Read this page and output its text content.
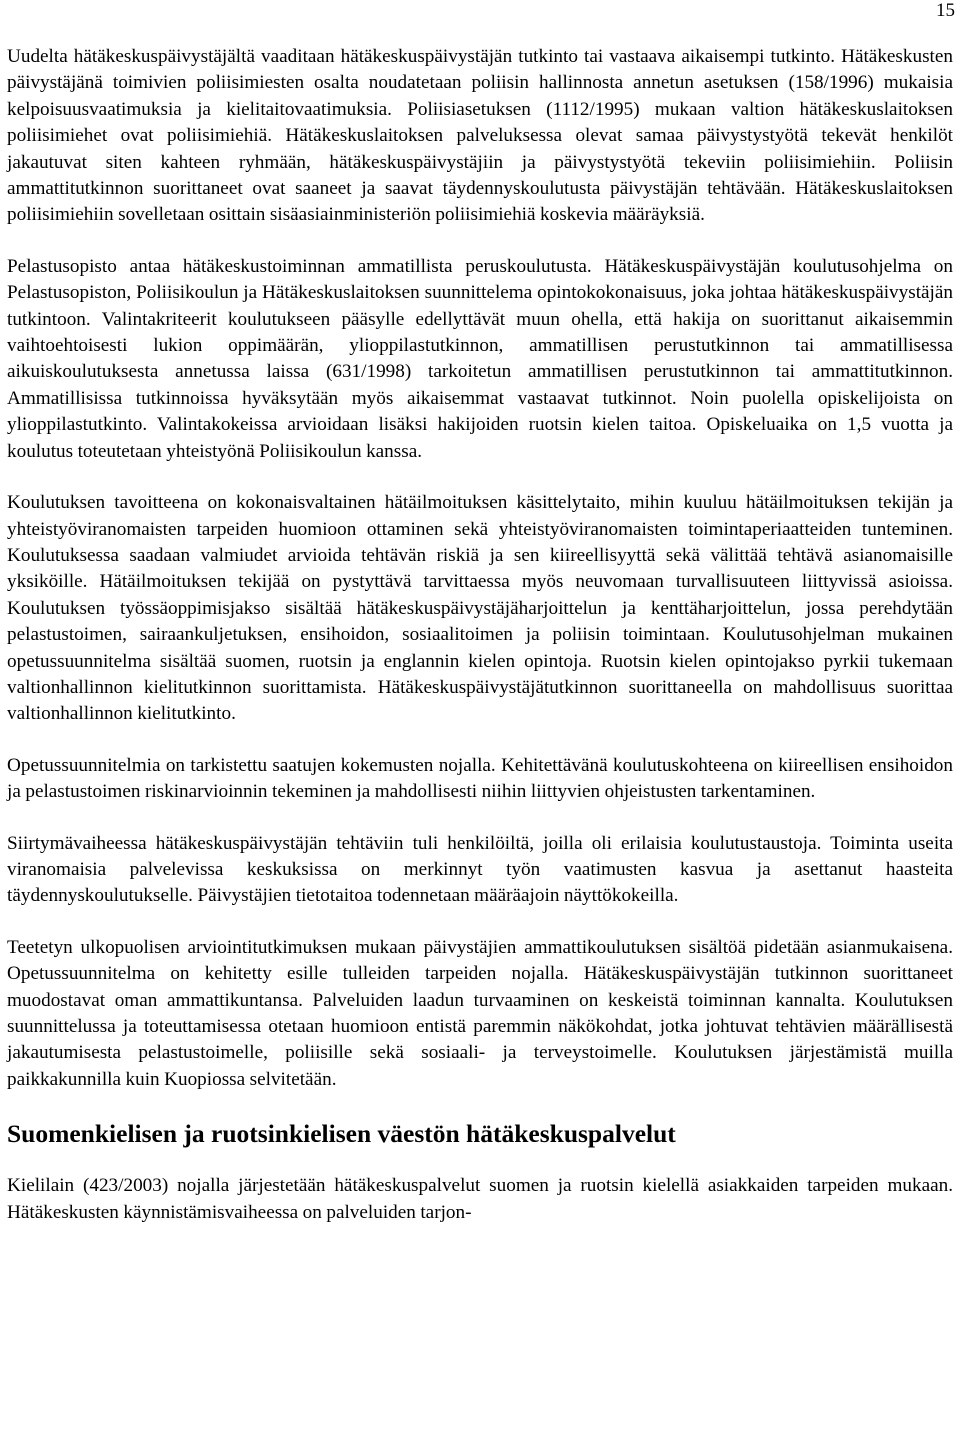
15

Uudelta hätäkeskuspäivystäjältä vaaditaan hätäkeskuspäivystäjän tutkinto tai vastaava aikaisempi tutkinto. Hätäkeskusten päivystäjänä toimivien poliisimiesten osalta noudatetaan poliisin hallinnosta annetun asetuksen (158/1996) mukaisia kelpoisuusvaatimuksia ja kielitaitovaatimuksia. Poliisiasetuksen (1112/1995) mukaan valtion hätäkeskuslaitoksen poliisimiehet ovat poliisimiehiä. Hätäkeskuslaitoksen palveluksessa olevat samaa päivystystyötä tekevät henkilöt jakautuvat siten kahteen ryhmään, hätäkeskuspäivystäjiin ja päivystystyötä tekeviin poliisimiehiin. Poliisin ammattitutkinnon suorittaneet ovat saaneet ja saavat täydennyskoulutusta päivystäjän tehtävään. Hätäkeskuslaitoksen poliisimiehiin sovelletaan osittain sisäasiainministeriön poliisimiehiä koskevia määräyksiä.

Pelastusopisto antaa hätäkeskustoiminnan ammatillista peruskoulutusta. Hätäkeskuspäivystäjän koulutusohjelma on Pelastusopiston, Poliisikoulun ja Hätäkeskuslaitoksen suunnittelema opintokokonaisuus, joka johtaa hätäkeskuspäivystäjän tutkintoon. Valintakriteerit koulutukseen pääsylle edellyttävät muun ohella, että hakija on suorittanut aikaisemmin vaihtoehtoisesti lukion oppimäärän, ylioppilastutkinnon, ammatillisen perustutkinnon tai ammatillisessa aikuiskoulutuksesta annetussa laissa (631/1998) tarkoitetun ammatillisen perustutkinnon tai ammattitutkinnon. Ammatillisissa tutkinnoissa hyväksytään myös aikaisemmat vastaavat tutkinnot. Noin puolella opiskelijoista on ylioppilastutkinto. Valintakokeissa arvioidaan lisäksi hakijoiden ruotsin kielen taitoa. Opiskeluaika on 1,5 vuotta ja koulutus toteutetaan yhteistyönä Poliisikoulun kanssa.

Koulutuksen tavoitteena on kokonaisvaltainen hätäilmoituksen käsittelytaito, mihin kuuluu hätäilmoituksen tekijän ja yhteistyöviranomaisten tarpeiden huomioon ottaminen sekä yhteistyöviranomaisten toimintaperiaatteiden tunteminen. Koulutuksessa saadaan valmiudet arvioida tehtävän riskiä ja sen kiireellisyyttä sekä välittää tehtävä asianomaisille yksiköille. Hätäilmoituksen tekijää on pystyttävä tarvittaessa myös neuvomaan turvallisuuteen liittyvissä asioissa. Koulutuksen työssäoppimisjakso sisältää hätäkeskuspäivystäjäharjoittelun ja kenttäharjoittelun, jossa perehdytään pelastustoimen, sairaankuljetuksen, ensihoidon, sosiaalitoimen ja poliisin toimintaan. Koulutusohjelman mukainen opetussuunnitelma sisältää suomen, ruotsin ja englannin kielen opintoja. Ruotsin kielen opintojakso pyrkii tukemaan valtionhallinnon kielitutkinnon suorittamista. Hätäkeskuspäivystäjätutkinnon suorittaneella on mahdollisuus suorittaa valtionhallinnon kielitutkinto.

Opetussuunnitelmia on tarkistettu saatujen kokemusten nojalla. Kehitettävänä koulutuskohteena on kiireellisen ensihoidon ja pelastustoimen riskinarvioinnin tekeminen ja mahdollisesti niihin liittyvien ohjeistusten tarkentaminen.

Siirtymävaiheessa hätäkeskuspäivystäjän tehtäviin tuli henkilöiltä, joilla oli erilaisia koulutustaustoja. Toiminta useita viranomaisia palvelevissa keskuksissa on merkinnyt työn vaatimusten kasvua ja asettanut haasteita täydennyskoulutukselle. Päivystäjien tietotaitoa todennetaan määräajoin näyttökokeilla.

Teetetyn ulkopuolisen arviointitutkimuksen mukaan päivystäjien ammattikoulutuksen sisältöä pidetään asianmukaisena. Opetussuunnitelma on kehitetty esille tulleiden tarpeiden nojalla. Hätäkeskuspäivystäjän tutkinnon suorittaneet muodostavat oman ammattikuntansa. Palveluiden laadun turvaaminen on keskeistä toiminnan kannalta. Koulutuksen suunnittelussa ja toteuttamisessa otetaan huomioon entistä paremmin näkökohdat, jotka johtuvat tehtävien määrällisestä jakautumisesta pelastustoimelle, poliisille sekä sosiaali- ja terveystoimelle. Koulutuksen järjestämistä muilla paikkakunnilla kuin Kuopiossa selvitetään.

Suomenkielisen ja ruotsinkielisen väestön hätäkeskuspalvelut

Kielilain (423/2003) nojalla järjestetään hätäkeskuspalvelut suomen ja ruotsin kielellä asiakkaiden tarpeiden mukaan. Hätäkeskusten käynnistämisvaiheessa on palveluiden tarjon-
